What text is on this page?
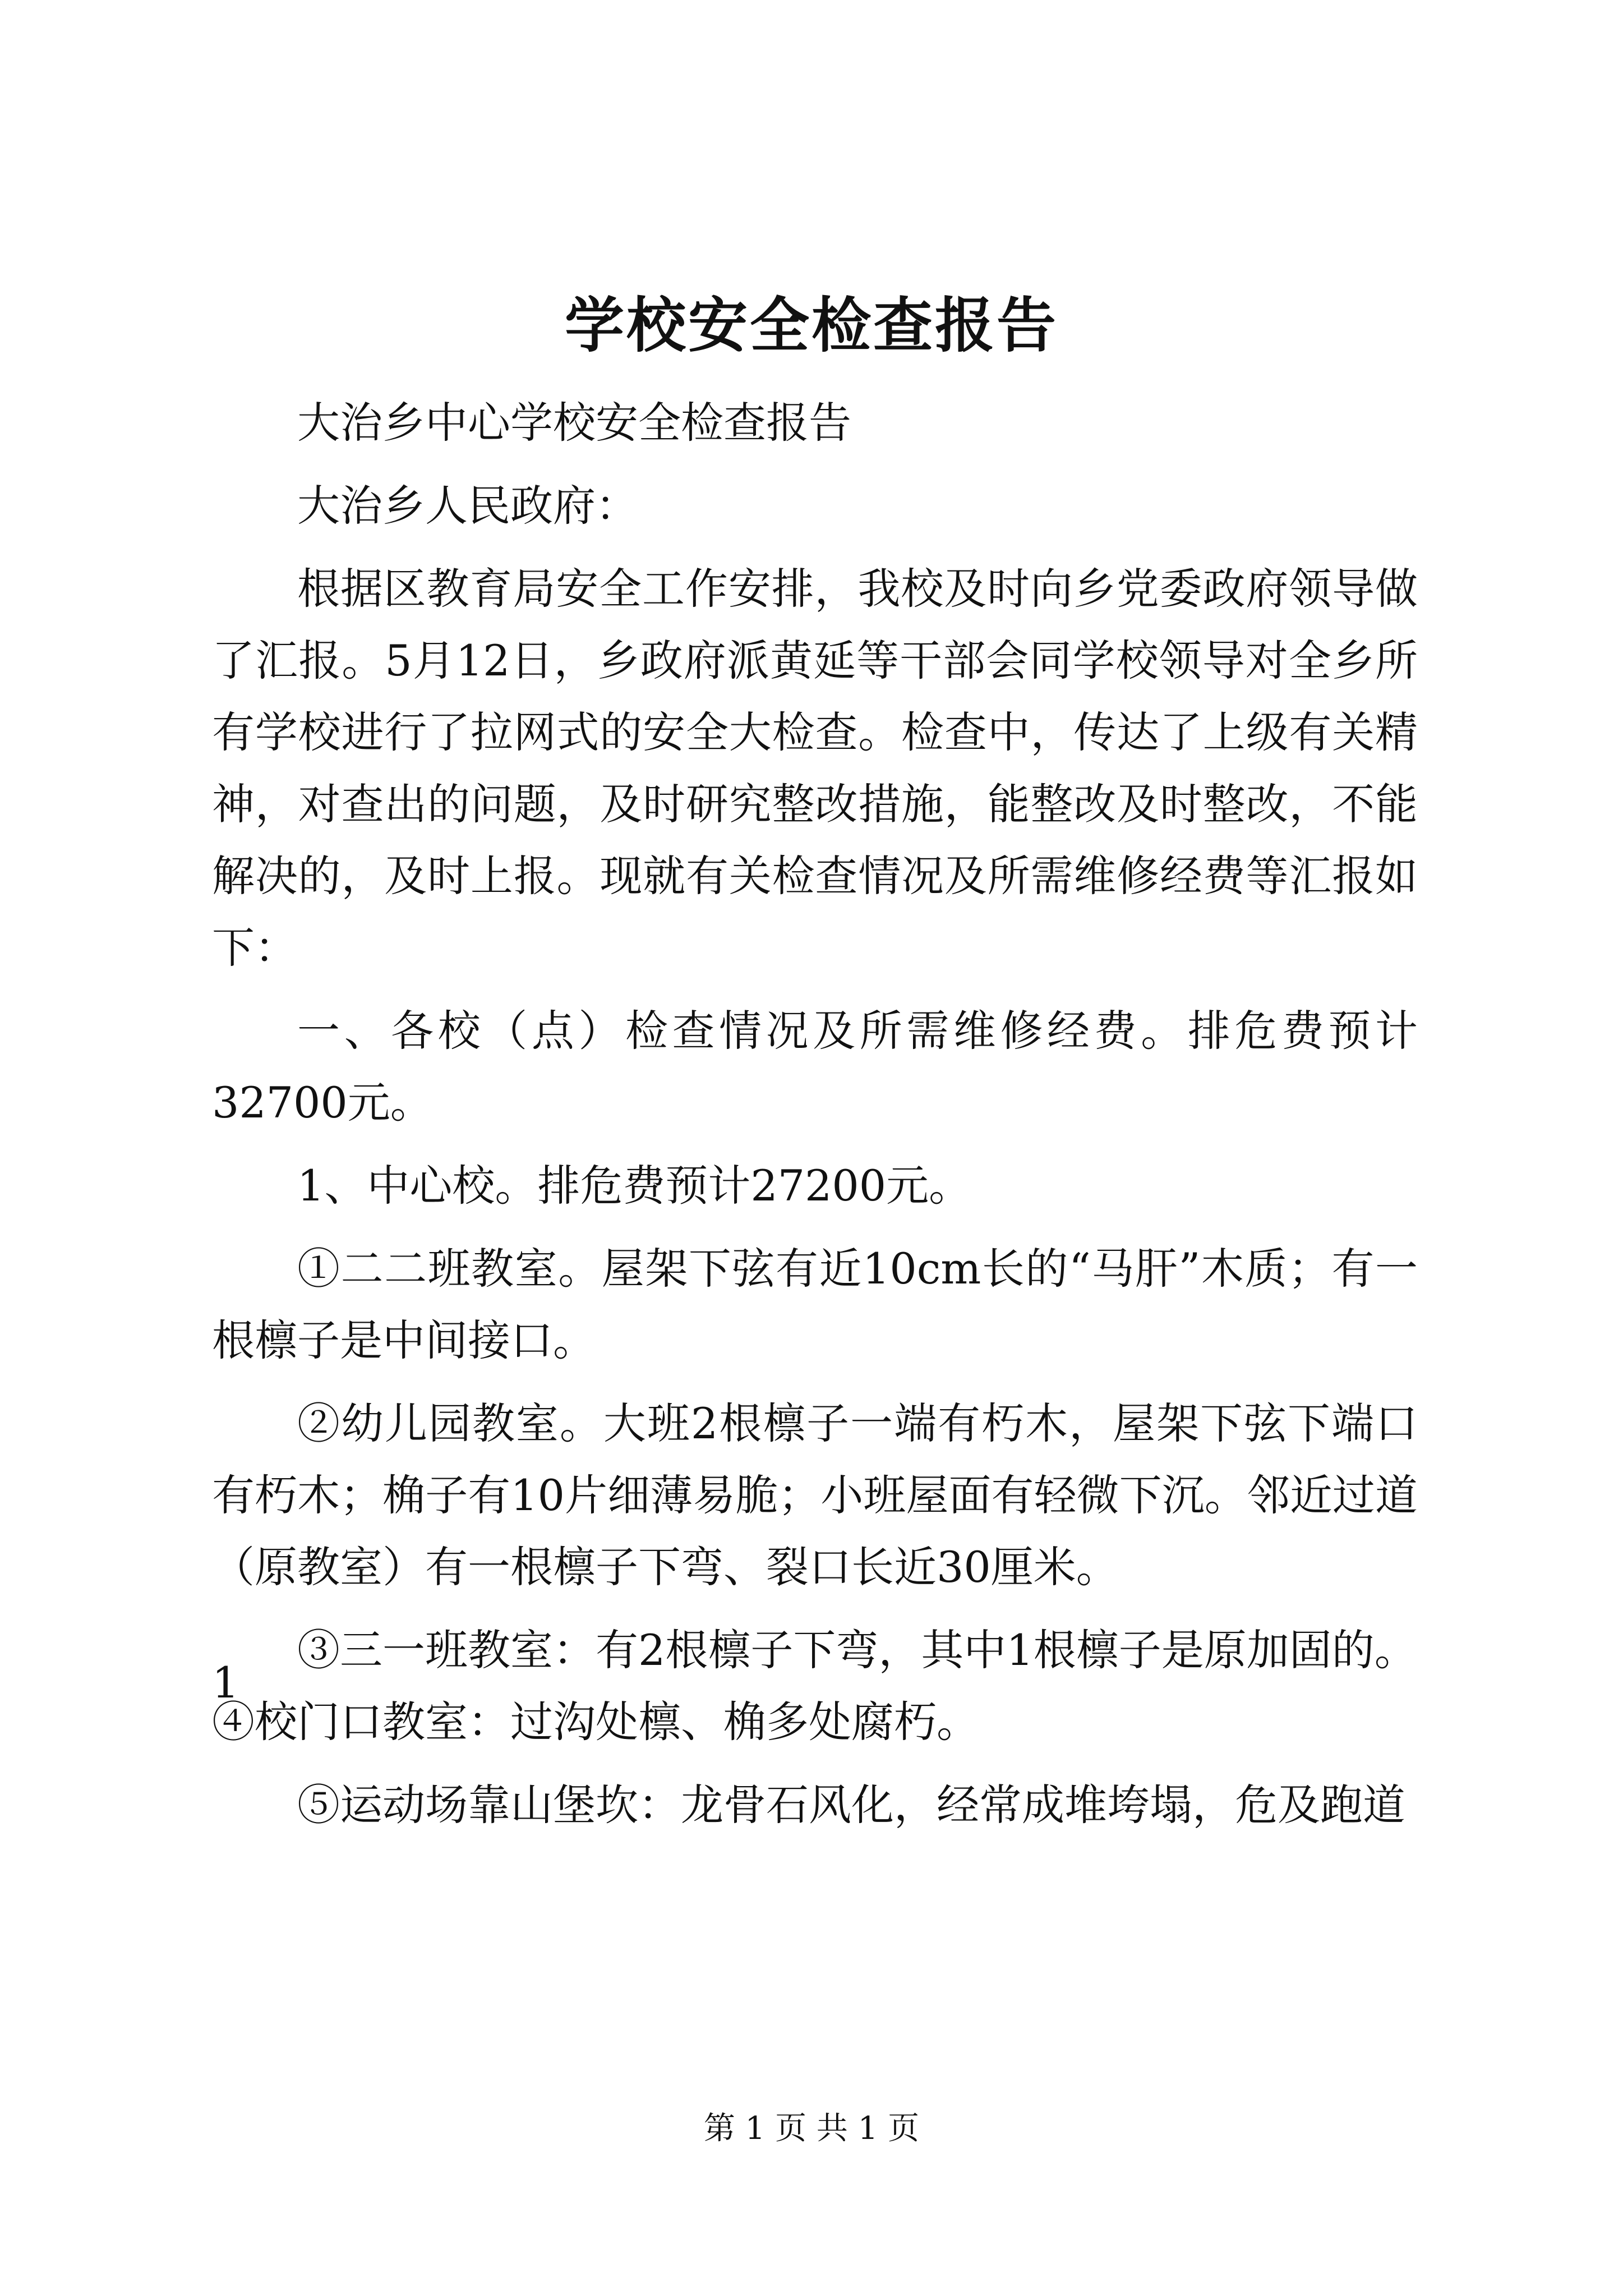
学校安全检查报告

大治乡中心学校安全检查报告

大治乡人民政府：

根据区教育局安全工作安排，我校及时向乡党委政府领导做了汇报。5月12日，乡政府派黄延等干部会同学校领导对全乡所有学校进行了拉网式的安全大检查。检查中，传达了上级有关精神，对查出的问题，及时研究整改措施，能整改及时整改，不能解决的，及时上报。现就有关检查情况及所需维修经费等汇报如下：

一、各校（点）检查情况及所需维修经费。排危费预计32700元。

1、中心校。排危费预计27200元。

①二二班教室。屋架下弦有近10cm长的“马肝”木质；有一根檩子是中间接口。

②幼儿园教室。大班2根檩子一端有朽木，屋架下弦下端口有朽木；桷子有10片细薄易脆；小班屋面有轻微下沉。邻近过道（原教室）有一根檩子下弯、裂口长近30厘米。

③三一班教室：有2根檩子下弯，其中1根檩子是原加固的。

④校门口教室：过沟处檩、桷多处腐朽。

⑤运动场靠山堡坎：龙骨石风化，经常成堆垮塌，危及跑道

1

第 1 页 共 1 页
